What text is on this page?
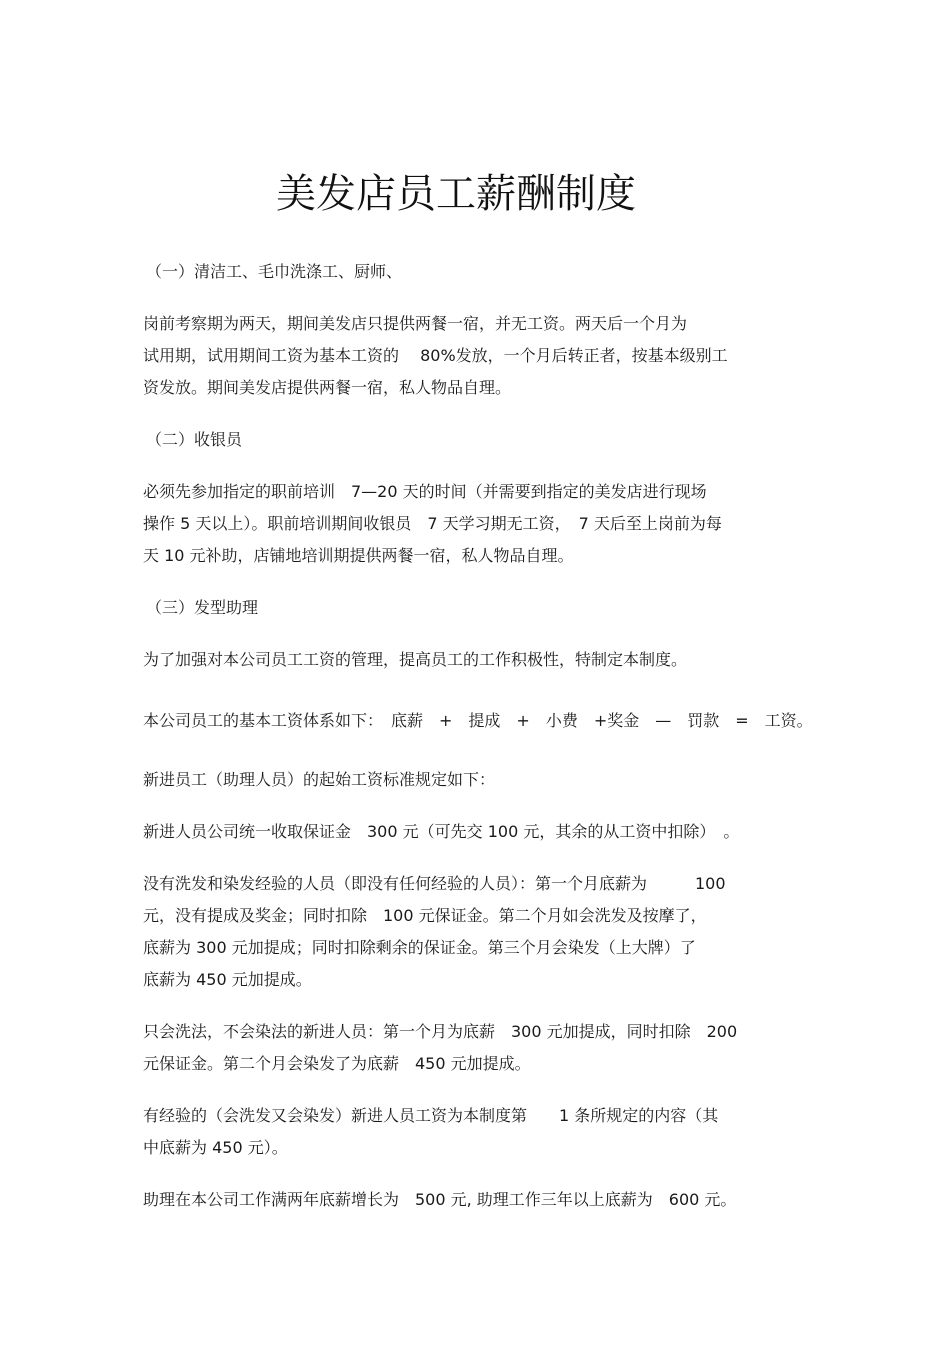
美发店员工薪酬制度
（一）清洁工、毛巾洗涤工、厨师、
岗前考察期为两天，期间美发店只提供两餐一宿，并无工资。两天后一个月为
试用期，试用期间工资为基本工资的　 80%发放，一个月后转正者，按基本级别工
资发放。期间美发店提供两餐一宿，私人物品自理。
（二）收银员
必须先参加指定的职前培训　7—20 天的时间（并需要到指定的美发店进行现场
操作 5 天以上）。职前培训期间收银员　7 天学习期无工资，　7 天后至上岗前为每
天 10 元补助，店铺地培训期提供两餐一宿，私人物品自理。
（三）发型助理
为了加强对本公司员工工资的管理，提高员工的工作积极性，特制定本制度。
本公司员工的基本工资体系如下：　底薪　+　提成　+　小费　+奖金　—　罚款　=　工资。
新进员工（助理人员）的起始工资标准规定如下：
新进人员公司统一收取保证金　300 元（可先交 100 元，其余的从工资中扣除）　。
没有洗发和染发经验的人员（即没有任何经验的人员）：第一个月底薪为　　　100
元，没有提成及奖金；同时扣除　100 元保证金。第二个月如会洗发及按摩了，
底薪为 300 元加提成；同时扣除剩余的保证金。第三个月会染发（上大牌）了
底薪为 450 元加提成。
只会洗法，不会染法的新进人员：第一个月为底薪　300 元加提成，同时扣除　200
元保证金。第二个月会染发了为底薪　450 元加提成。
有经验的（会洗发又会染发）新进人员工资为本制度第　　1 条所规定的内容（其
中底薪为 450 元）。
助理在本公司工作满两年底薪增长为　500 元, 助理工作三年以上底薪为　600 元。
